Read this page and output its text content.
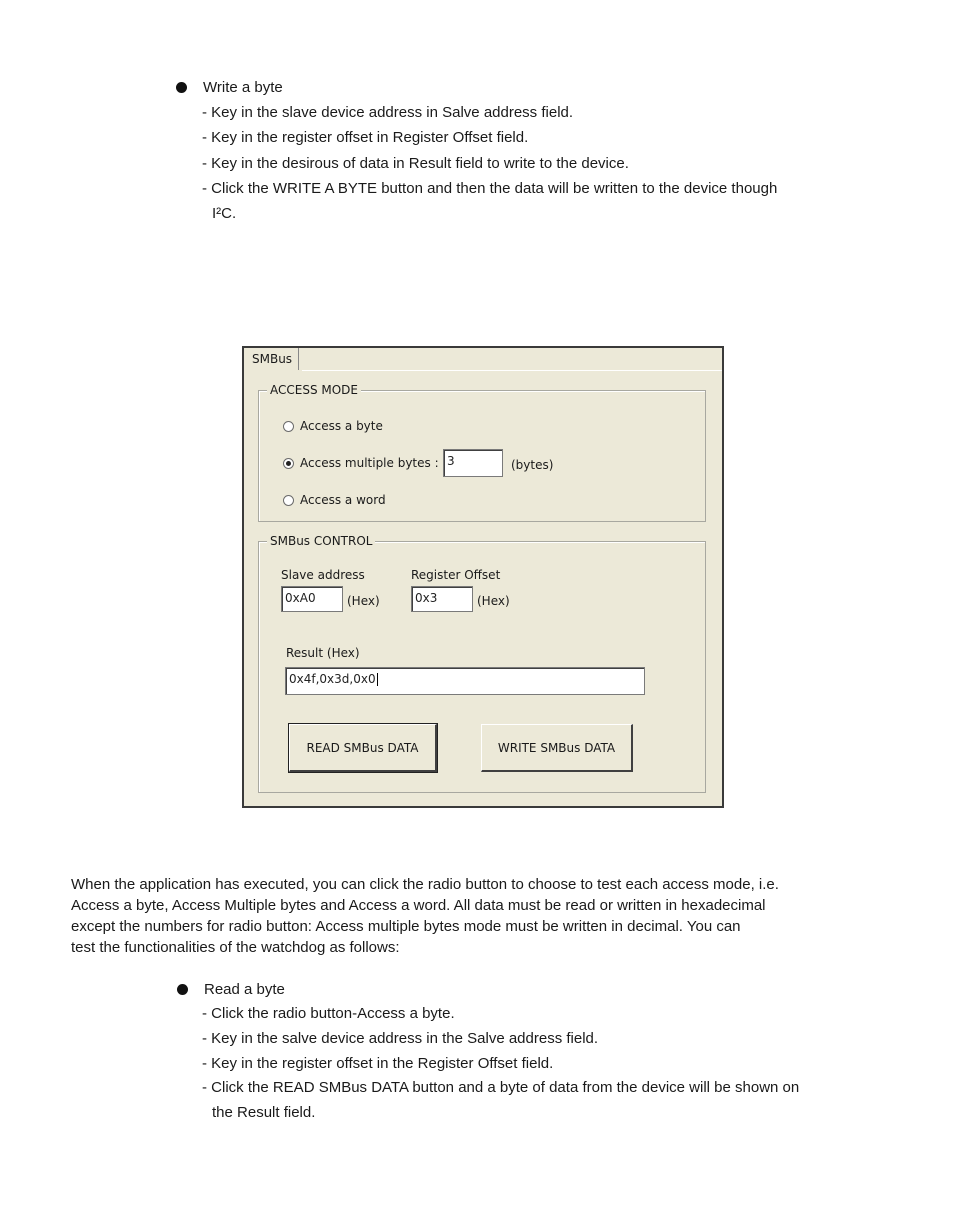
Write a byte
- Key in the slave device address in Salve address field.
- Key in the register offset in Register Offset field.
- Key in the desirous of data in Result field to write to the device.
- Click the WRITE A BYTE button and then the data will be written to the device though
I²C.
SMBus
ACCESS MODE
Access a byte
Access multiple bytes : 3	(bytes)
Access a word
SMBus CONTROL
Slave address
0xA0	(Hex)
Register Offset
0x3	(Hex)
Result (Hex)
0x4f,0x3d,0x0
READ SMBus DATA	WRITE SMBus DATA
When the application has executed, you can click the radio button to choose to test each access mode, i.e.
Access a byte, Access Multiple bytes and Access a word. All data must be read or written in hexadecimal
except the numbers for radio button: Access multiple bytes mode must be written in decimal. You can
test the functionalities of the watchdog as follows:
Read a byte
- Click the radio button-Access a byte.
- Key in the salve device address in the Salve address field.
- Key in the register offset in the Register Offset field.
- Click the READ SMBus DATA button and a byte of data from the device will be shown on
the Result field.
